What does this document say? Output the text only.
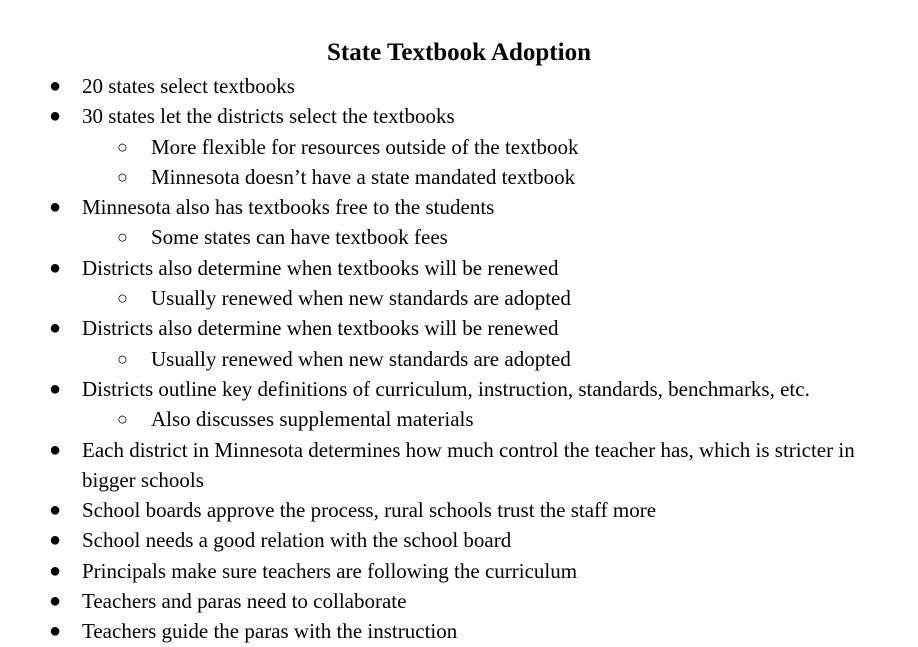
State Textbook Adoption
● 20 states select textbooks
● 30 states let the districts select the textbooks
○ More flexible for resources outside of the textbook
○ Minnesota doesn’t have a state mandated textbook
● Minnesota also has textbooks free to the students
○ Some states can have textbook fees
● Districts also determine when textbooks will be renewed
○ Usually renewed when new standards are adopted
● Districts also determine when textbooks will be renewed
○ Usually renewed when new standards are adopted
● Districts outline key definitions of curriculum, instruction, standards, benchmarks, etc.
○ Also discusses supplemental materials
● Each district in Minnesota determines how much control the teacher has, which is stricter in bigger schools
● School boards approve the process, rural schools trust the staff more
● School needs a good relation with the school board
● Principals make sure teachers are following the curriculum
● Teachers and paras need to collaborate
● Teachers guide the paras with the instruction
